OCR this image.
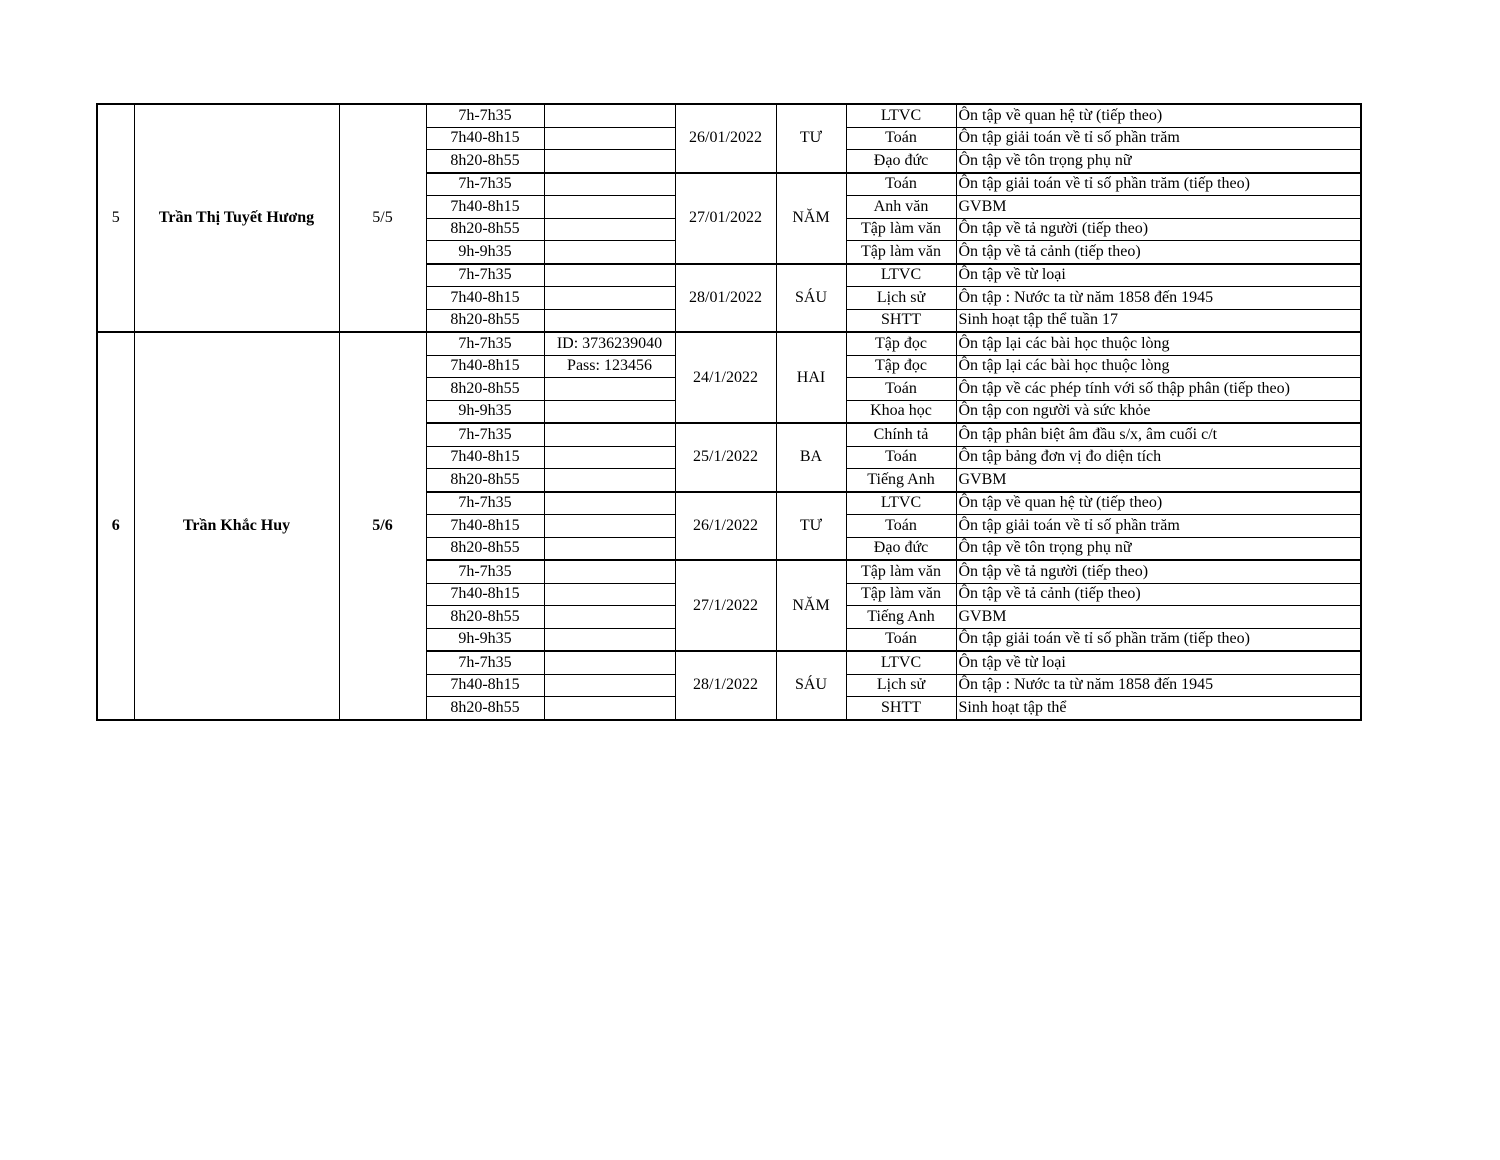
5	Trần Thị Tuyết Hương	5/5	7h-7h35		26/01/2022	TƯ	LTVC	Ôn tập về quan hệ từ (tiếp theo)
			7h40-8h15				Toán	Ôn tập giải toán về tỉ số phần trăm
			8h20-8h55				Đạo đức	Ôn tập về tôn trọng phụ nữ
			7h-7h35		27/01/2022	NĂM	Toán	Ôn tập giải toán về tỉ số phần trăm (tiếp theo)
			7h40-8h15				Anh văn	GVBM
			8h20-8h55				Tập làm văn	Ôn tập về tả người (tiếp theo)
			9h-9h35				Tập làm văn	Ôn tập về tả cảnh (tiếp theo)
			7h-7h35		28/01/2022	SÁU	LTVC	Ôn tập về từ loại
			7h40-8h15				Lịch sử	Ôn tập : Nước ta từ năm 1858 đến 1945
			8h20-8h55				SHTT	Sinh hoạt tập thể tuần 17
6	Trần Khắc Huy	5/6	7h-7h35	ID: 3736239040	24/1/2022	HAI	Tập đọc	Ôn tập lại các bài học thuộc lòng
			7h40-8h15	Pass: 123456			Tập đọc	Ôn tập lại các bài học thuộc lòng
			8h20-8h55				Toán	Ôn tập về các phép tính với số thập phân (tiếp theo)
			9h-9h35				Khoa học	Ôn tập con người và sức khỏe
			7h-7h35		25/1/2022	BA	Chính tả	Ôn tập phân biệt âm đầu s/x, âm cuối c/t
			7h40-8h15				Toán	Ôn tập bảng đơn vị đo diện tích
			8h20-8h55				Tiếng Anh	GVBM
			7h-7h35		26/1/2022	TƯ	LTVC	Ôn tập về quan hệ từ (tiếp theo)
			7h40-8h15				Toán	Ôn tập giải toán về tỉ số phần trăm
			8h20-8h55				Đạo đức	Ôn tập về tôn trọng phụ nữ
			7h-7h35		27/1/2022	NĂM	Tập làm văn	Ôn tập về tả người (tiếp theo)
			7h40-8h15				Tập làm văn	Ôn tập về tả cảnh (tiếp theo)
			8h20-8h55				Tiếng Anh	GVBM
			9h-9h35				Toán	Ôn tập giải toán về tỉ số phần trăm (tiếp theo)
			7h-7h35		28/1/2022	SÁU	LTVC	Ôn tập về từ loại
			7h40-8h15				Lịch sử	Ôn tập : Nước ta từ năm 1858 đến 1945
			8h20-8h55				SHTT	Sinh hoạt tập thể
